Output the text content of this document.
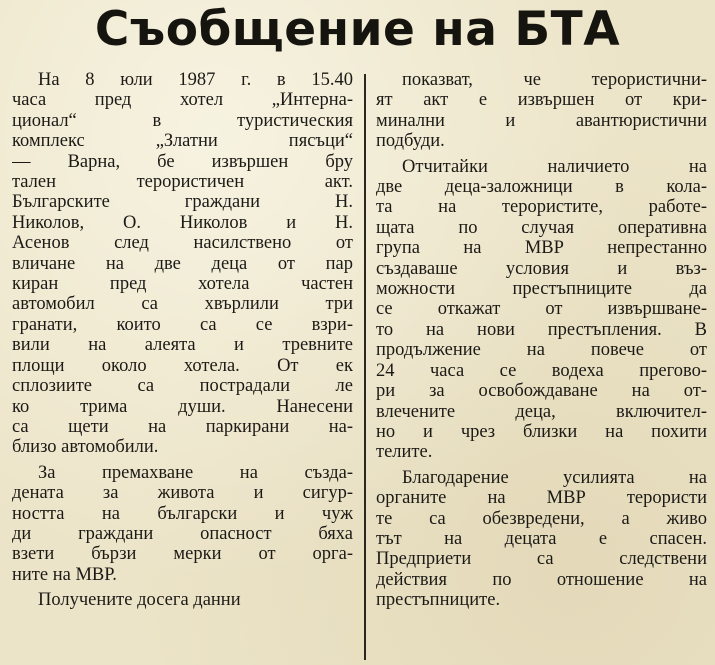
Съобщение на БТА

На 8 юли 1987 г. в 15.40
часа пред хотел „Интерна-
ционал“ в туристическия
комплекс „Златни пясъци“
— Варна, бе извършен бру
тален терористичен акт.
Българските граждани Н.
Николов, О. Николов и Н.
Асенов след насилствено от
вличане на две деца от пар
киран пред хотела частен
автомобил са хвърлили три
гранати, които са се взри-
вили на алеята и тревните
площи около хотела. От ек
сплозиите са пострадали ле
ко трима души. Нанесени
са щети на паркирани на-
близо автомобили.

За премахване на създа-
дената за живота и сигур-
ността на български и чуж
ди граждани опасност бяха
взети бързи мерки от орга-
ните на МВР.

Получените досега данни

показват, че терористични-
ят акт е извършен от кри-
минални и авантюристични
подбуди.

Отчитайки наличието на
две деца-заложници в кола-
та на терористите, работе-
щата по случая оперативна
група на МВР непрестанно
създаваше условия и въз-
можности престъпниците да
се откажат от извършване-
то на нови престъпления. В
продължение на повече от
24 часа се водеха прегово-
ри за освобождаване на от-
влечените деца, включител-
но и чрез близки на похити
телите.

Благодарение усилията на
органите на МВР терористи
те са обезвредени, а живо
тът на децата е спасен.
Предприети са следствени
действия по отношение на
престъпниците.
